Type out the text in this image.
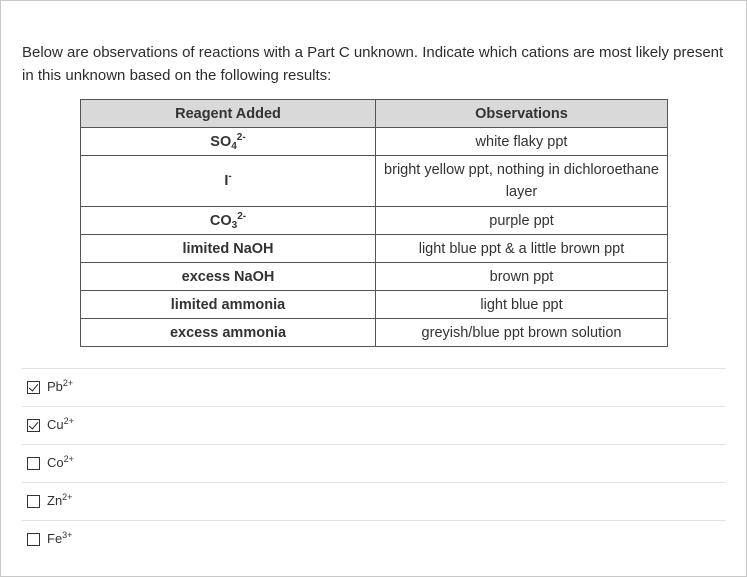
Below are observations of reactions with a Part C unknown. Indicate which cations are most likely present in this unknown based on the following results:
Reagent Added	Observations
$SO_4^{2-}$	white flaky ppt
I-	bright yellow ppt, nothing in dichloroethane layer
$CO_3^{2-}$	purple ppt
limited NaOH	light blue ppt & a little brown ppt
excess NaOH	brown ppt
limited ammonia	light blue ppt
excess ammonia	greyish/blue ppt brown solution
$Pb^{2+}$
$Cu^{2+}$
$Co^{2+}$
$Zn^{2+}$
$Fe^{3+}$
